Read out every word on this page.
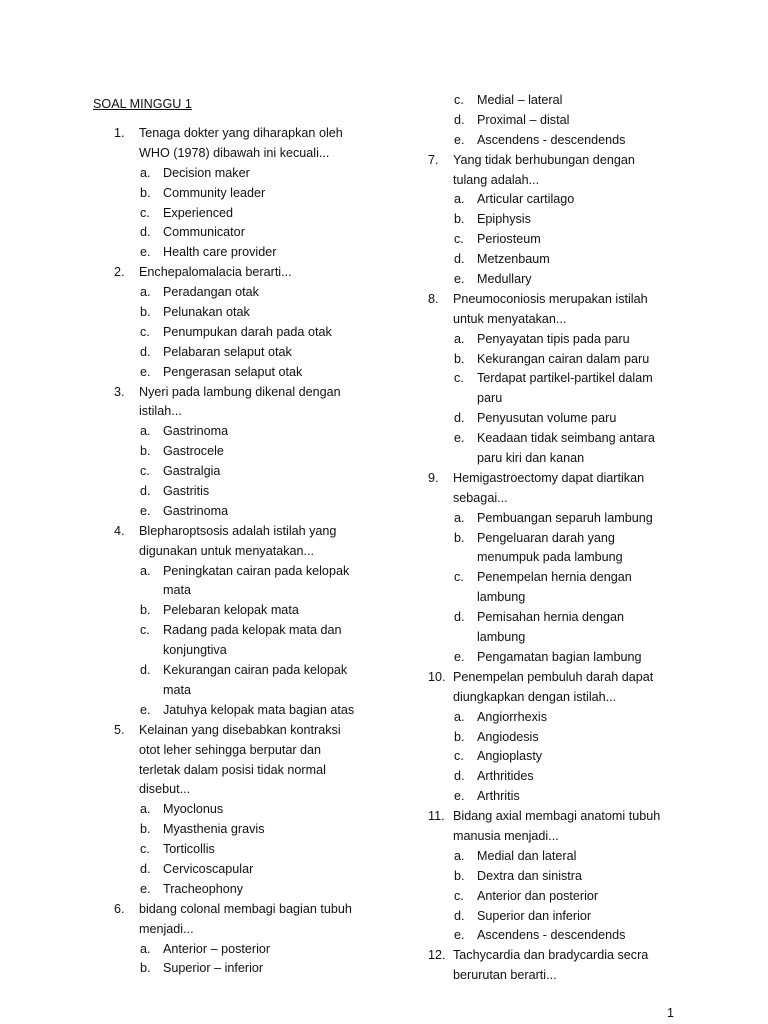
SOAL MINGGU 1
1. Tenaga dokter yang diharapkan oleh
WHO (1978) dibawah ini kecuali...
a. Decision maker
b. Community leader
c. Experienced
d. Communicator
e. Health care provider
2. Enchepalomalacia berarti...
a. Peradangan otak
b. Pelunakan otak
c. Penumpukan darah pada otak
d. Pelabaran selaput otak
e. Pengerasan selaput otak
3. Nyeri pada lambung dikenal dengan
istilah...
a. Gastrinoma
b. Gastrocele
c. Gastralgia
d. Gastritis
e. Gastrinoma
4. Blepharoptsosis adalah istilah yang
digunakan untuk menyatakan...
a. Peningkatan cairan pada kelopak
mata
b. Pelebaran kelopak mata
c. Radang pada kelopak mata dan
konjungtiva
d. Kekurangan cairan pada kelopak
mata
e. Jatuhya kelopak mata bagian atas
5. Kelainan yang disebabkan kontraksi
otot leher sehingga berputar dan
terletak dalam posisi tidak normal
disebut...
a. Myoclonus
b. Myasthenia gravis
c. Torticollis
d. Cervicoscapular
e. Tracheophony
6. bidang colonal membagi bagian tubuh
menjadi...
a. Anterior – posterior
b. Superior – inferior
c. Medial – lateral
d. Proximal – distal
e. Ascendens - descendends
7. Yang tidak berhubungan dengan
tulang adalah...
a. Articular cartilago
b. Epiphysis
c. Periosteum
d. Metzenbaum
e. Medullary
8. Pneumoconiosis merupakan istilah
untuk menyatakan...
a. Penyayatan tipis pada paru
b. Kekurangan cairan dalam paru
c. Terdapat partikel-partikel dalam
paru
d. Penyusutan volume paru
e. Keadaan tidak seimbang antara
paru kiri dan kanan
9. Hemigastroectomy dapat diartikan
sebagai...
a. Pembuangan separuh lambung
b. Pengeluaran darah yang
menumpuk pada lambung
c. Penempelan hernia dengan
lambung
d. Pemisahan hernia dengan
lambung
e. Pengamatan bagian lambung
10. Penempelan pembuluh darah dapat
diungkapkan dengan istilah...
a. Angiorrhexis
b. Angiodesis
c. Angioplasty
d. Arthritides
e. Arthritis
11. Bidang axial membagi anatomi tubuh
manusia menjadi...
a. Medial dan lateral
b. Dextra dan sinistra
c. Anterior dan posterior
d. Superior dan inferior
e. Ascendens - descendends
12. Tachycardia dan bradycardia secra
berurutan berarti...
1
